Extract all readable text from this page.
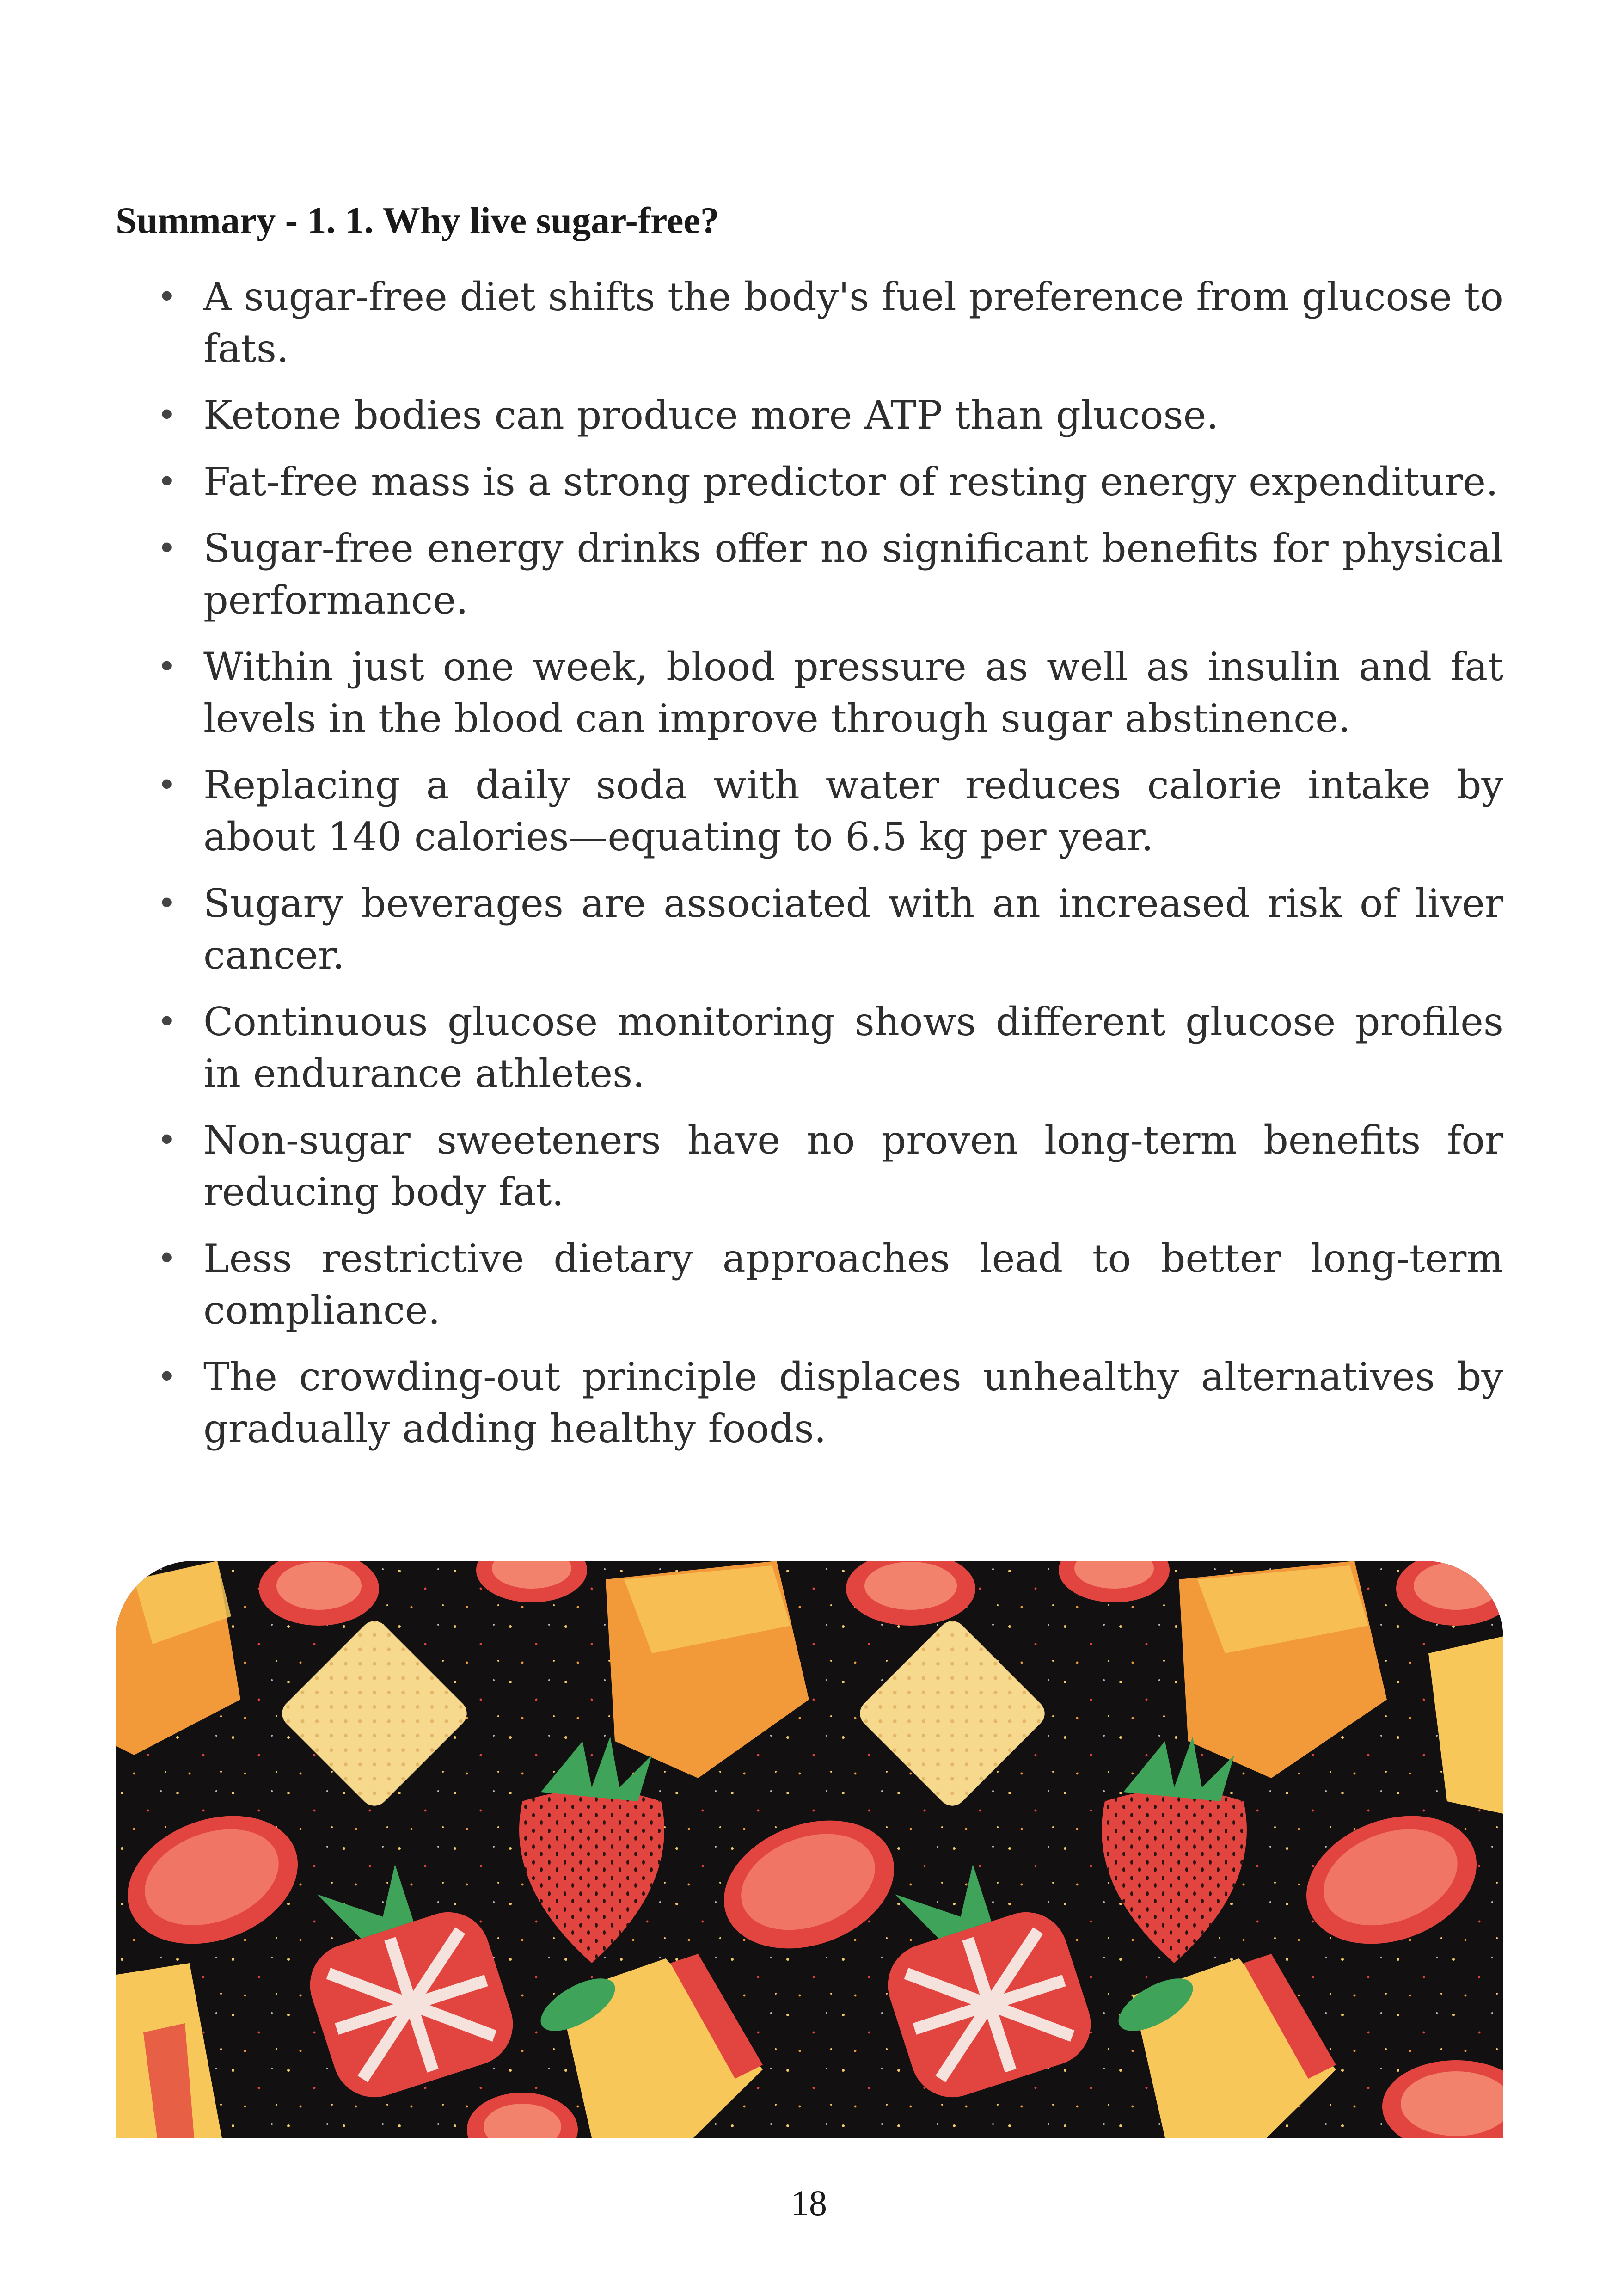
Summary - 1. 1. Why live sugar-free?
• A sugar-free diet shifts the body's fuel preference from glucose to fats.
• Ketone bodies can produce more ATP than glucose.
• Fat-free mass is a strong predictor of resting energy expenditure.
• Sugar-free energy drinks offer no significant benefits for physical performance.
• Within just one week, blood pressure as well as insulin and fat levels in the blood can improve through sugar abstinence.
• Replacing a daily soda with water reduces calorie intake by about 140 calories—equating to 6.5 kg per year.
• Sugary beverages are associated with an increased risk of liver cancer.
• Continuous glucose monitoring shows different glucose profiles in endurance athletes.
• Non-sugar sweeteners have no proven long-term benefits for reducing body fat.
• Less restrictive dietary approaches lead to better long-term compliance.
• The crowding-out principle displaces unhealthy alternatives by gradually adding healthy foods.
18
